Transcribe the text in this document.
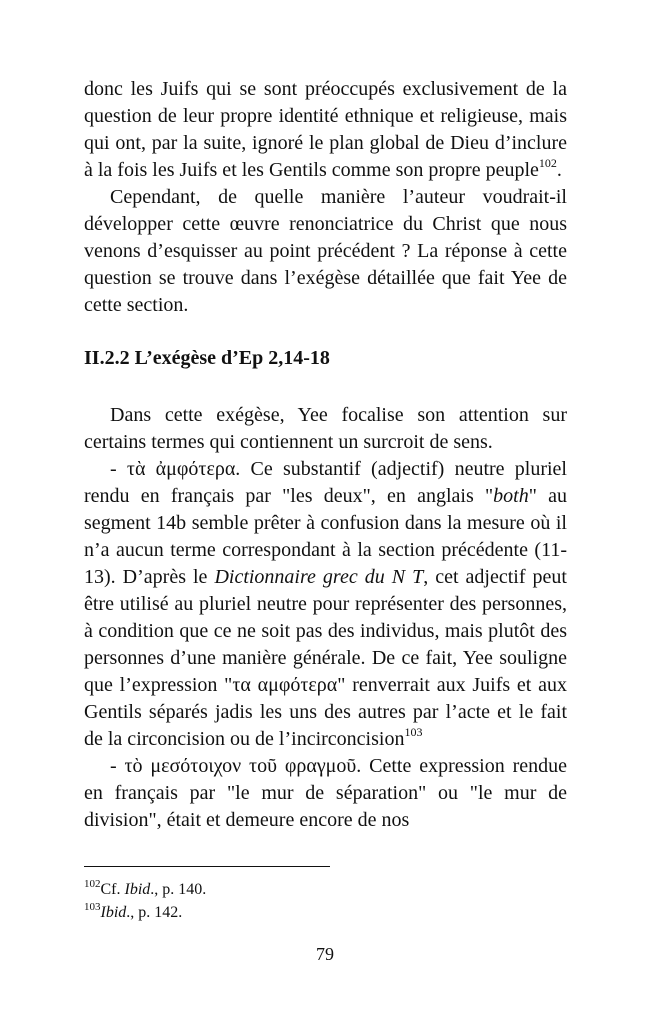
donc les Juifs qui se sont préoccupés exclusivement de la question de leur propre identité ethnique et religieuse, mais qui ont, par la suite, ignoré le plan global de Dieu d’inclure à la fois les Juifs et les Gentils comme son propre peuple$^{102}$.

Cependant, de quelle manière l’auteur voudrait-il développer cette œuvre renonciatrice du Christ que nous venons d’esquisser au point précédent ? La réponse à cette question se trouve dans l’exégèse détaillée que fait Yee de cette section.

II.2.2 L’exégèse d’Ep 2,14-18

Dans cette exégèse, Yee focalise son attention sur certains termes qui contiennent un surcroit de sens.

- τὰ ἀμφότερα. Ce substantif (adjectif) neutre pluriel rendu en français par "les deux", en anglais "both" au segment 14b semble prêter à confusion dans la mesure où il n’a aucun terme correspondant à la section précédente (11-13). D’après le Dictionnaire grec du N T, cet adjectif peut être utilisé au pluriel neutre pour représenter des personnes, à condition que ce ne soit pas des individus, mais plutôt des personnes d’une manière générale. De ce fait, Yee souligne que l’expression "τα αμφότερα" renverrait aux Juifs et aux Gentils séparés jadis les uns des autres par l’acte et le fait de la circoncision ou de l’incirconcision$^{103}$

- τὸ μεσότοιχον τοῦ φραγμοῦ. Cette expression rendue en français par "le mur de séparation" ou "le mur de division", était et demeure encore de nos

$^{102}$Cf. Ibid., p. 140.
$^{103}$Ibid., p. 142.
79
